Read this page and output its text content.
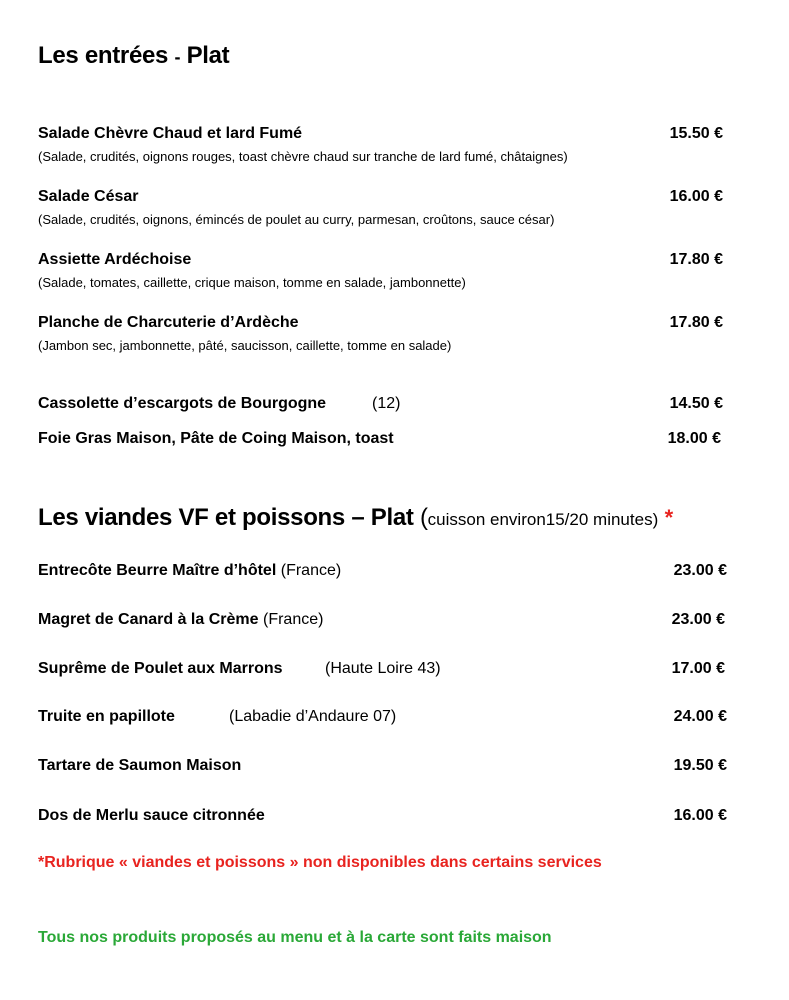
Les entrées - Plat
Salade Chèvre Chaud et lard Fumé
(Salade, crudités, oignons rouges, toast chèvre chaud sur tranche de lard fumé, châtaignes)
15.50 €
Salade César
(Salade, crudités, oignons, émincés de poulet au curry, parmesan, croûtons, sauce césar)
16.00 €
Assiette Ardéchoise
(Salade, tomates, caillette, crique maison, tomme en salade, jambonnette)
17.80 €
Planche de Charcuterie d’Ardèche
(Jambon sec, jambonnette, pâté, saucisson, caillette, tomme en salade)
17.80 €
Cassolette d’escargots de Bourgogne	(12)	14.50 €
Foie Gras Maison, Pâte de Coing Maison, toast	18.00 €
Les viandes VF et poissons – Plat (cuisson environ15/20 minutes) *
Entrecôte Beurre Maître d’hôtel (France)	23.00 €
Magret de Canard à la Crème (France)	23.00 €
Suprême de Poulet aux Marrons	(Haute Loire 43)	17.00 €
Truite en papillote	(Labadie d’Andaure 07)	24.00 €
Tartare de Saumon Maison	19.50 €
Dos de Merlu sauce citronnée	16.00 €
*Rubrique « viandes et poissons » non disponibles dans certains services
Tous nos produits proposés au menu et à la carte sont faits maison
